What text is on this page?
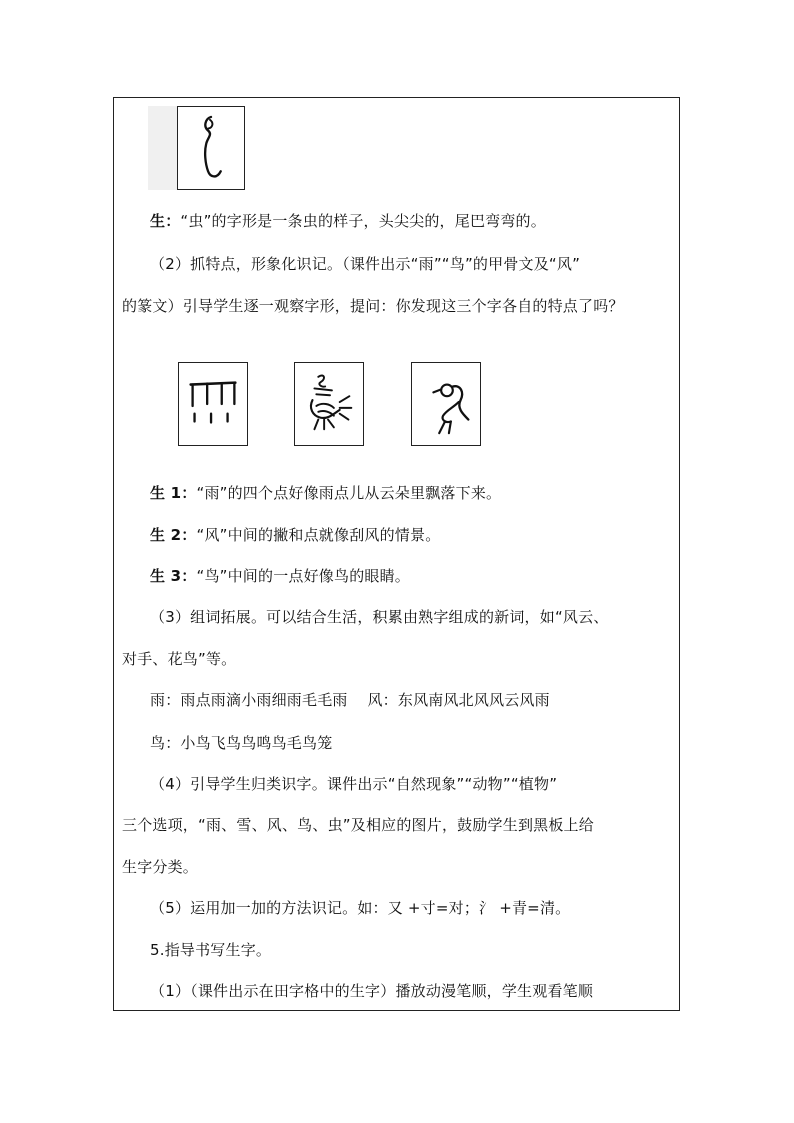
生：“虫”的字形是一条虫的样子，头尖尖的，尾巴弯弯的。
（2）抓特点，形象化识记。（课件出示“雨”“鸟”的甲骨文及“风”
的篆文）引导学生逐一观察字形，提问：你发现这三个字各自的特点了吗？
生 1：“雨”的四个点好像雨点儿从云朵里飘落下来。
生 2：“风”中间的撇和点就像刮风的情景。
生 3：“鸟”中间的一点好像鸟的眼睛。
（3）组词拓展。可以结合生活，积累由熟字组成的新词，如“风云、
对手、花鸟”等。
雨：雨点雨滴小雨细雨毛毛雨    风：东风南风北风风云风雨
鸟：小鸟飞鸟鸟鸣鸟毛鸟笼
（4）引导学生归类识字。课件出示“自然现象”“动物”“植物”
三个选项，“雨、雪、风、鸟、虫”及相应的图片，鼓励学生到黑板上给
生字分类。
（5）运用加一加的方法识记。如：又 +寸=对；氵 +青=清。
5.指导书写生字。
（1）（课件出示在田字格中的生字）播放动漫笔顺，学生观看笔顺
